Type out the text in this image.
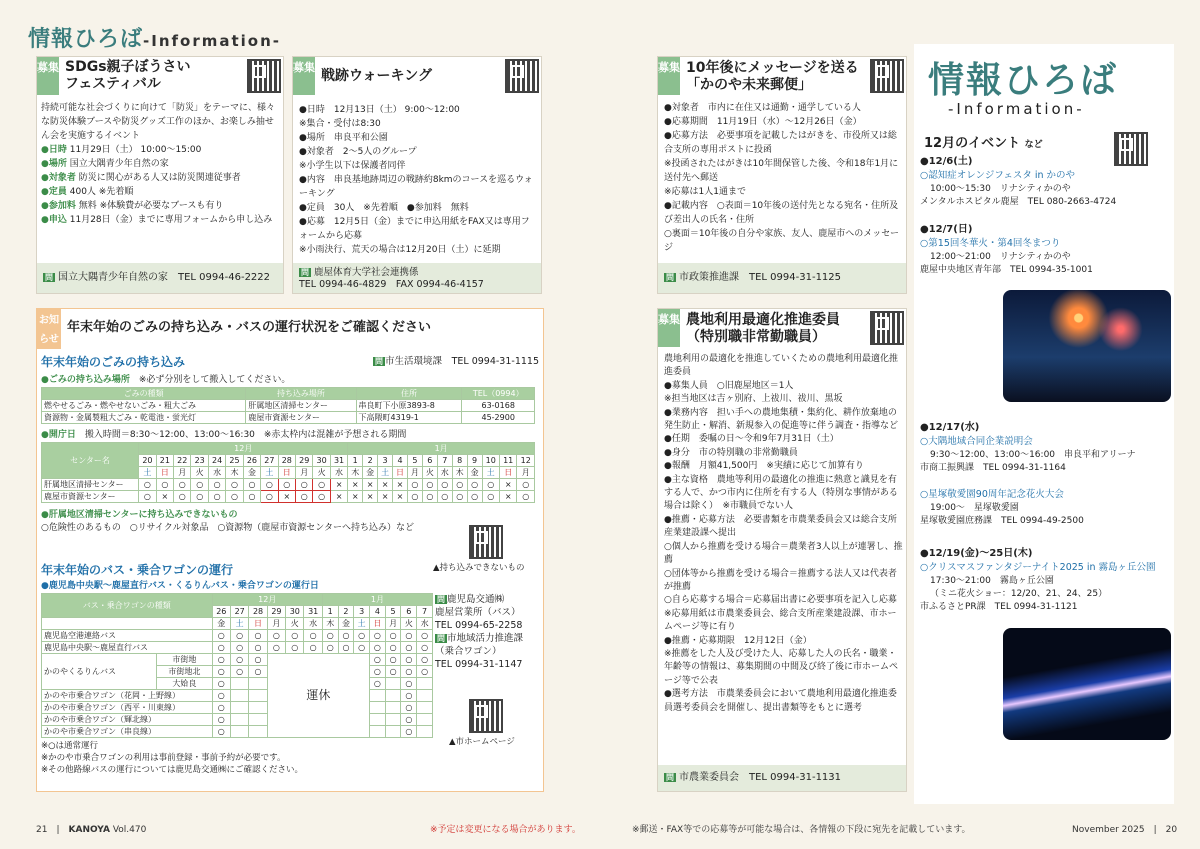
情報ひろば-Information-
募集 SDGs親子ぼうさい
フェスティバル

持続可能な社会づくりに向けて「防災」をテーマに、様々な防災体験ブースや防災グッズ工作のほか、お楽しみ抽せん会を実施するイベント

●日時 11月29日（土） 10:00～15:00

●場所 国立大隅青少年自然の家

●対象者 防災に関心がある人又は防災関連従事者

●定員 400人 ※先着順

●参加料 無料 ※体験費が必要なブースも有り

●申込 11月28日（金）までに専用フォームから申し込み

問 国立大隅青少年自然の家　 TEL 0994-46-2222
募集
戦跡ウォーキング

●日時　12月13日（土） 9:00～12:00

※集合・受付は8:30

●場所　串良平和公園

●対象者　2～5人のグループ

※小学生以下は保護者同伴

●内容　串良基地跡周辺の戦跡約8kmのコースを巡るウォーキング

●定員　30人　※先着順　●参加料　無料

●応募　12月5日（金）までに申込用紙をFAX又は専用フォームから応募

※小雨決行、荒天の場合は12月20日（土）に延期

問 鹿屋体育大学社会連携係
TEL 0994-46-4829　FAX 0994-46-4157
募集 10年後にメッセージを送る
「かのや未来郵便」

●対象者　市内に在住又は通勤・通学している人

●応募期間　11月19日（水）～12月26日（金）

●応募方法　必要事項を記載したはがきを、市役所又は総合支所の専用ポストに投函

※投函されたはがきは10年間保管した後、令和18年1月に送付先へ郵送

※応募は1人1通まで

●記載内容　○表面＝10年後の送付先となる宛名・住所及び差出人の氏名・住所

○裏面＝10年後の自分や家族、友人、鹿屋市へのメッセージ

問 市政策推進課　 TEL 0994-31-1125
募集 農地利用最適化推進委員
（特別職非常勤職員）

農地利用の最適化を推進していくための農地利用最適化推進委員

●募集人員　○旧鹿屋地区＝1人

※担当地区は吉ヶ別府、上祓川、祓川、黒坂

●業務内容　担い手への農地集積・集約化、耕作放棄地の発生防止・解消、新規参入の促進等に伴う調査・指導など

●任期　委嘱の日～令和9年7月31日（土）

●身分　市の特別職の非常勤職員

●報酬　月額41,500円　※実績に応じて加算有り

●主な資格　農地等利用の最適化の推進に熱意と識見を有する人で、かつ市内に住所を有する人（特別な事情がある場合は除く）　※市職員でない人

●推薦・応募方法　必要書類を市農業委員会又は総合支所産業建設課へ提出

○個人から推薦を受ける場合＝農業者3人以上が連署し、推薦

○団体等から推薦を受ける場合＝推薦する法人又は代表者が推薦

○自ら応募する場合＝応募届出書に必要事項を記入し応募

※応募用紙は市農業委員会、総合支所産業建設課、市ホームページ等に有り

●推薦・応募期限　12月12日（金）

※推薦をした人及び受けた人、応募した人の氏名・職業・年齢等の情報は、募集期間の中間及び終了後に市ホームページ等で公表

●選考方法　市農業委員会において農地利用最適化推進委員選考委員会を開催し、提出書類等をもとに選考

問 市農業委員会　 TEL 0994-31-1131
お知らせ
年末年始のごみの持ち込み・バスの運行状況をご確認ください
年末年始のごみの持ち込み	問 市生活環境課　 TEL 0994-31-1115
●ごみの持ち込み場所　 ※必ず分別をして搬入してください。
ごみの種類	持ち込み場所	住所	TEL（0994）
燃やせるごみ・燃やせないごみ・粗大ごみ	肝属地区清掃センター	串良町下小原3893-8	63-0168
資源物・金属製粗大ごみ・乾電池・蛍光灯	鹿屋市資源センター	下高隈町4319-1	45-2900
●開庁日　 搬入時間＝8:30～12:00、13:00～16:30　※赤太枠内は混雑が予想される期間
センター名	12月												1月											
	20	21	22	23	24	25	26	27	28	29	30	31	1	2	3	4	5	6	7	8	9	10	11	12
	土	日	月	火	水	木	金	土	日	月	火	水	木	金	土	日	月	火	水	木	金	土	日	月
肝属地区清掃センター	○	○	○	○	○	○	○	○	○	○	○	×	×	×	×	×	○	○	○	○	○	○	×	○
鹿屋市資源センター	○	×	○	○	○	○	○	○	×	○	○	×	×	×	×	×	○	○	○	○	○	○	×	○
●肝属地区清掃センターに持ち込みできないもの
○危険性のあるもの　○リサイクル対象品　○資源物（鹿屋市資源センターへ持ち込み）など
▲持ち込みできないもの
年末年始のバス・乗合ワゴンの運行
●鹿児島中央駅～鹿屋直行バス・くるりんバス・乗合ワゴンの運行日
バス・乗合ワゴンの種類		12月						1月						
		26	27	28	29	30	31	1	2	3	4	5	6	7
		金	土	日	月	火	水	木	金	土	日	月	火	水
鹿児島空港連絡バス		○	○	○	○	○	○	○	○	○	○	○	○	○
鹿児島中央駅～鹿屋直行バス		○	○	○	○	○	○	○	○	○	○	○	○	○
かのやくるりんバス	市街地	○	○	○	運休						○	○	○	○
	市街地北	○	○	○							○	○	○	○
	大姶良	○									○		○	
かのや市乗合ワゴン（花岡・上野線）		○											○	
かのや市乗合ワゴン（西平・川東線）		○											○	
かのや市乗合ワゴン（輝北線）		○											○	
かのや市乗合ワゴン（串良線）		○											○	
※○は通常運行
※かのや市乗合ワゴンの利用は事前登録・事前予約が必要です。
※その他路線バスの運行については鹿児島交通㈱にご確認ください。
問 鹿児島交通㈱
鹿屋営業所（バス）
TEL 0994-65-2258
問 市地域活力推進課
（乗合ワゴン）
TEL 0994-31-1147
▲市ホームページ
情報ひろば
-Information-
12月のイベント など
●12/6(土)
○認知症オレンジフェスタ in かのや
10:00～15:30　リナシティかのや
メンタルホスピタル鹿屋　TEL 080-2663-4724
●12/7(日)
○第15回冬華火・第4回冬まつり
12:00～21:00　リナシティかのや
鹿屋中央地区青年部　TEL 0994-35-1001
●12/17(水)
○大隅地域合同企業説明会
9:30～12:00、13:00～16:00　串良平和アリーナ
市商工振興課　TEL 0994-31-1164
○星塚敬愛園90周年記念花火大会
19:00～　星塚敬愛園
星塚敬愛園庶務課　TEL 0994-49-2500
●12/19(金)～25日(木)
○クリスマスファンタジーナイト2025 in 霧島ヶ丘公園
17:30～21:00　霧島ヶ丘公園
（ミニ花火ショー：12/20、21、24、25）
市ふるさとPR課　TEL 0994-31-1121
21　|　KANOYA Vol.470	※予定は変更になる場合があります。	※郵送・FAX等での応募等が可能な場合は、各情報の下段に宛先を記載しています。	November 2025　|　20
